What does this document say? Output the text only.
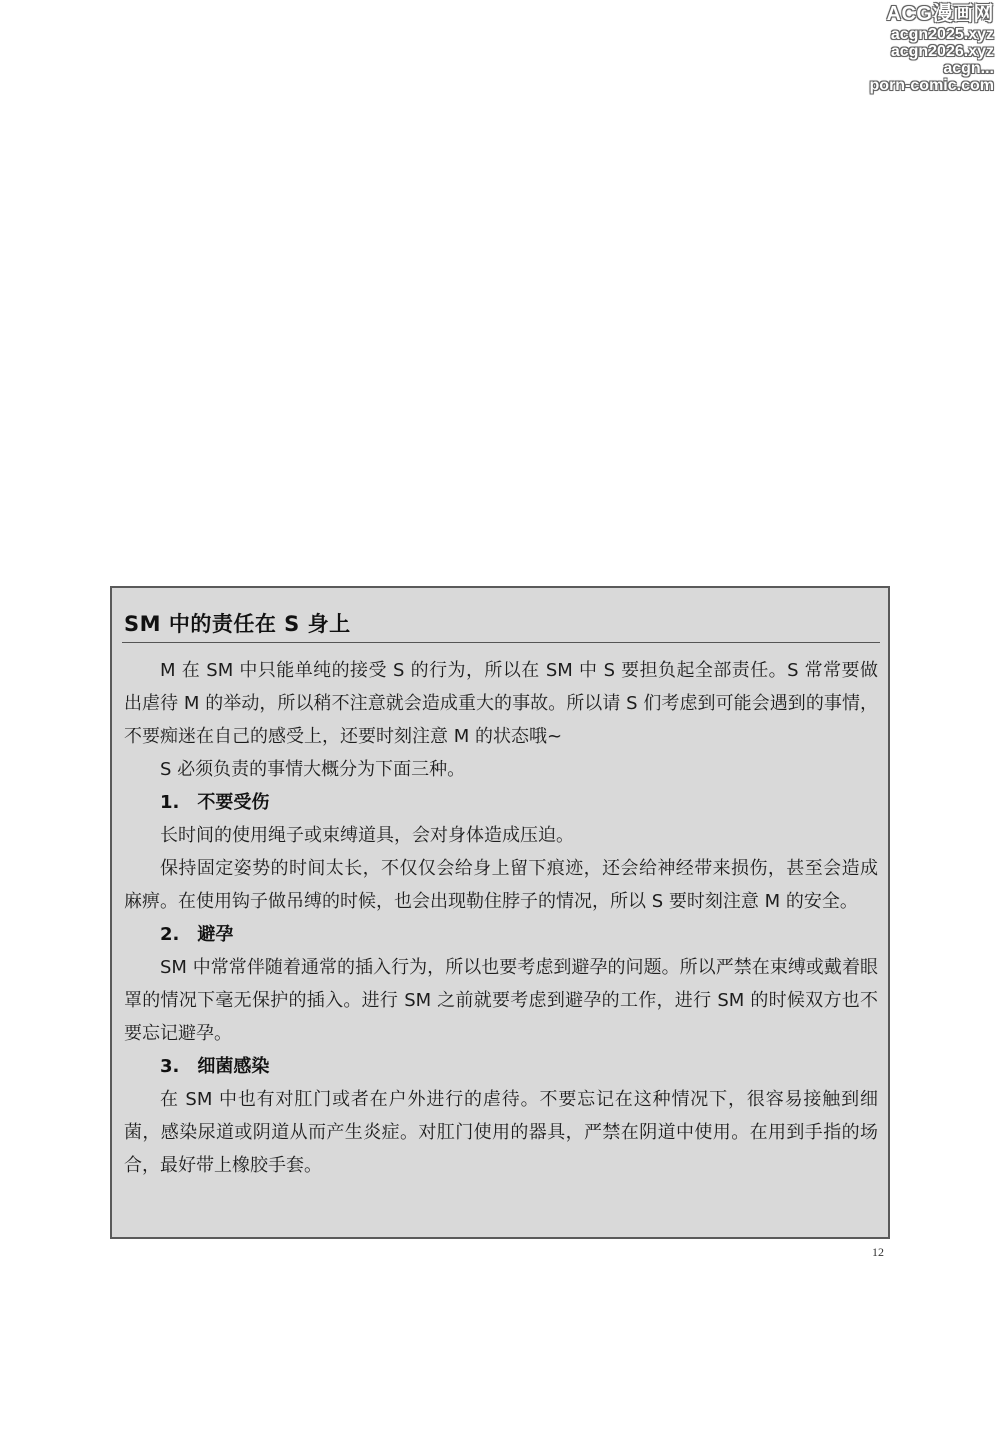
ACG漫画网
acgn2025.xyz
acgn2026.xyz
acgn...
porn-comic.com
SM 中的责任在 S 身上

M 在 SM 中只能单纯的接受 S 的行为，所以在 SM 中 S 要担负起全部责任。S 常常要做出虐待 M 的举动，所以稍不注意就会造成重大的事故。所以请 S 们考虑到可能会遇到的事情，不要痴迷在自己的感受上，还要时刻注意 M 的状态哦~

S 必须负责的事情大概分为下面三种。

1.　不要受伤

长时间的使用绳子或束缚道具，会对身体造成压迫。

保持固定姿势的时间太长，不仅仅会给身上留下痕迹，还会给神经带来损伤，甚至会造成麻痹。在使用钩子做吊缚的时候，也会出现勒住脖子的情况，所以 S 要时刻注意 M 的安全。

2.　避孕

SM 中常常伴随着通常的插入行为，所以也要考虑到避孕的问题。所以严禁在束缚或戴着眼罩的情况下毫无保护的插入。进行 SM 之前就要考虑到避孕的工作，进行 SM 的时候双方也不要忘记避孕。

3.　细菌感染

在 SM 中也有对肛门或者在户外进行的虐待。不要忘记在这种情况下，很容易接触到细菌，感染尿道或阴道从而产生炎症。对肛门使用的器具，严禁在阴道中使用。在用到手指的场合，最好带上橡胶手套。

12
